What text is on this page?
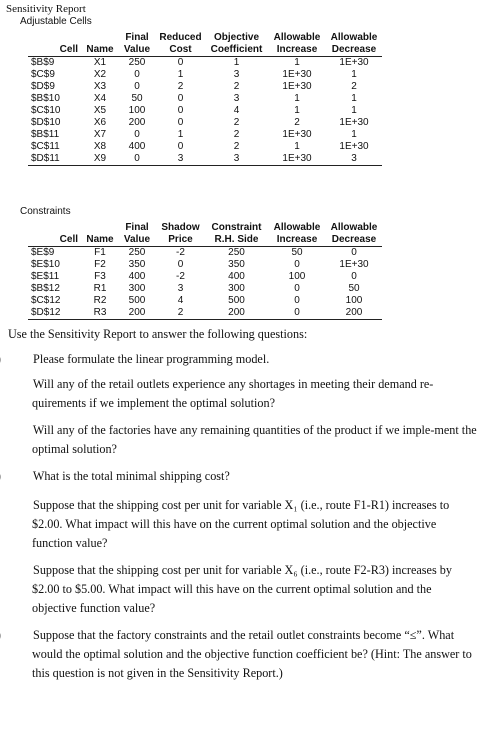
Sensitivity Report
Adjustable Cells
		Final	Reduced	Objective	Allowable	Allowable
Cell	Name	Value	Cost	Coefficient	Increase	Decrease
$B$9	X1	250	0	1	1	1E+30
$C$9	X2	0	1	3	1E+30	1
$D$9	X3	0	2	2	1E+30	2
$B$10	X4	50	0	3	1	1
$C$10	X5	100	0	4	1	1
$D$10	X6	200	0	2	2	1E+30
$B$11	X7	0	1	2	1E+30	1
$C$11	X8	400	0	2	1	1E+30
$D$11	X9	0	3	3	1E+30	3
Constraints
		Final	Shadow	Constraint	Allowable	Allowable
Cell	Name	Value	Price	R.H. Side	Increase	Decrease
$E$9	F1	250	-2	250	50	0
$E$10	F2	350	0	350	0	1E+30
$E$11	F3	400	-2	400	100	0
$B$12	R1	300	3	300	0	50
$C$12	R2	500	4	500	0	100
$D$12	R3	200	2	200	0	200
Use the Sensitivity Report to answer the following questions:
Please formulate the linear programming model.
Will any of the retail outlets experience any shortages in meeting their demand re-quirements if we implement the optimal solution?
Will any of the factories have any remaining quantities of the product if we imple-ment the optimal solution?
What is the total minimal shipping cost?
Suppose that the shipping cost per unit for variable X₁ (i.e., route F1-R1) increases to $2.00. What impact will this have on the current optimal solution and the objective function value?
Suppose that the shipping cost per unit for variable X₆ (i.e., route F2-R3) increases by $2.00 to $5.00. What impact will this have on the current optimal solution and the objective function value?
Suppose that the factory constraints and the retail outlet constraints become “≤”. What would the optimal solution and the objective function coefficient be? (Hint: The answer to this question is not given in the Sensitivity Report.)
